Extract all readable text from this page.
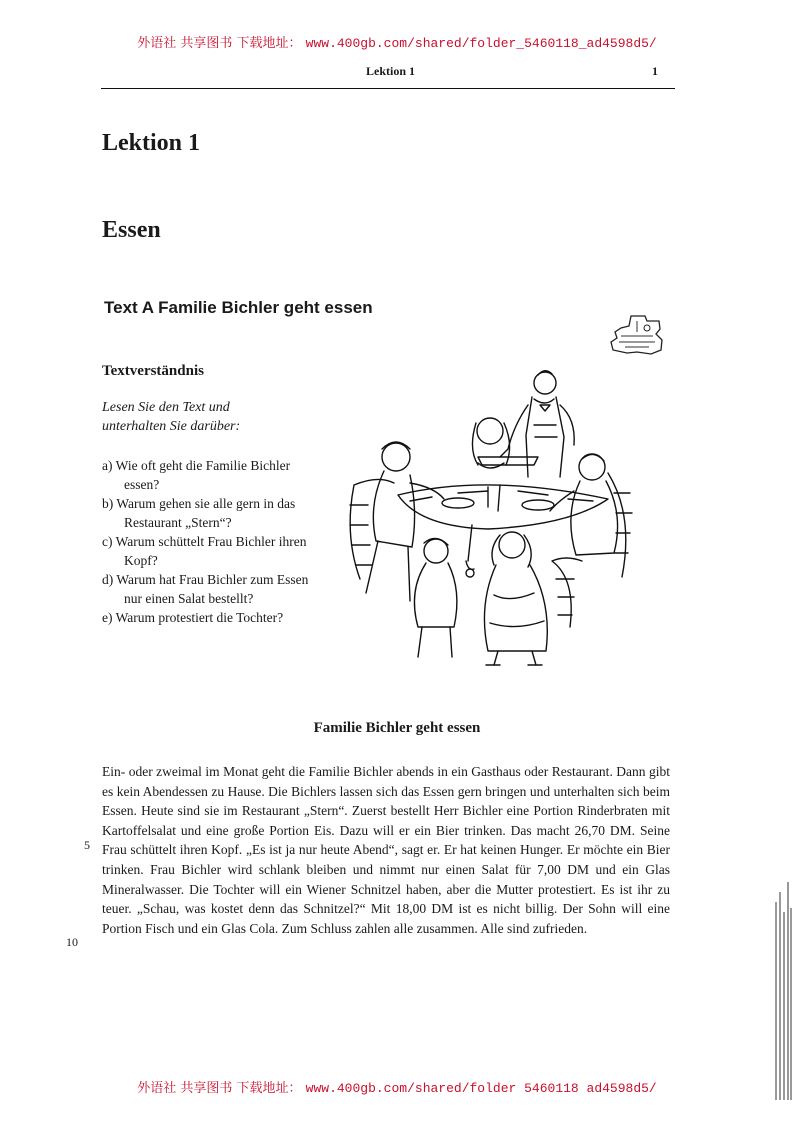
外语社 共享图书 下载地址： www.400gb.com/shared/folder_5460118_ad4598d5/
Lektion 1	1
Lektion 1
Essen
Text A Familie Bichler geht essen
Textverständnis

Lesen Sie den Text und unterhalten Sie darüber:

a) Wie oft geht die Familie Bichler essen?
b) Warum gehen sie alle gern in das Restaurant „Stern“?
c) Warum schüttelt Frau Bichler ihren Kopf?
d) Warum hat Frau Bichler zum Essen nur einen Salat bestellt?
e) Warum protestiert die Tochter?
Familie Bichler geht essen

Ein- oder zweimal im Monat geht die Familie Bichler abends in ein Gasthaus oder Restaurant. Dann gibt es kein Abendessen zu Hause. Die Bichlers lassen sich das Essen gern bringen und unterhalten sich beim Essen. Heute sind sie im Restaurant „Stern“. Zuerst bestellt Herr Bichler eine Portion Rinderbraten mit Kartoffelsalat und eine große Portion Eis. Dazu will er ein Bier trinken. Das macht 26,70 DM. Seine Frau schüttelt ihren Kopf. „Es ist ja nur heute Abend“, sagt er. Er hat keinen Hunger. Er möchte ein Bier trinken. Frau Bichler wird schlank bleiben und nimmt nur einen Salat für 7,00 DM und ein Glas Mineralwasser. Die Tochter will ein Wiener Schnitzel haben, aber die Mutter protestiert. Es ist ihr zu teuer. „Schau, was kostet denn das Schnitzel?“ Mit 18,00 DM ist es nicht billig. Der Sohn will eine Portion Fisch und ein Glas Cola. Zum Schluss zahlen alle zusammen. Alle sind zufrieden.

5
10
外语社 共享图书 下载地址： www.400gb.com/shared/folder 5460118 ad4598d5/
